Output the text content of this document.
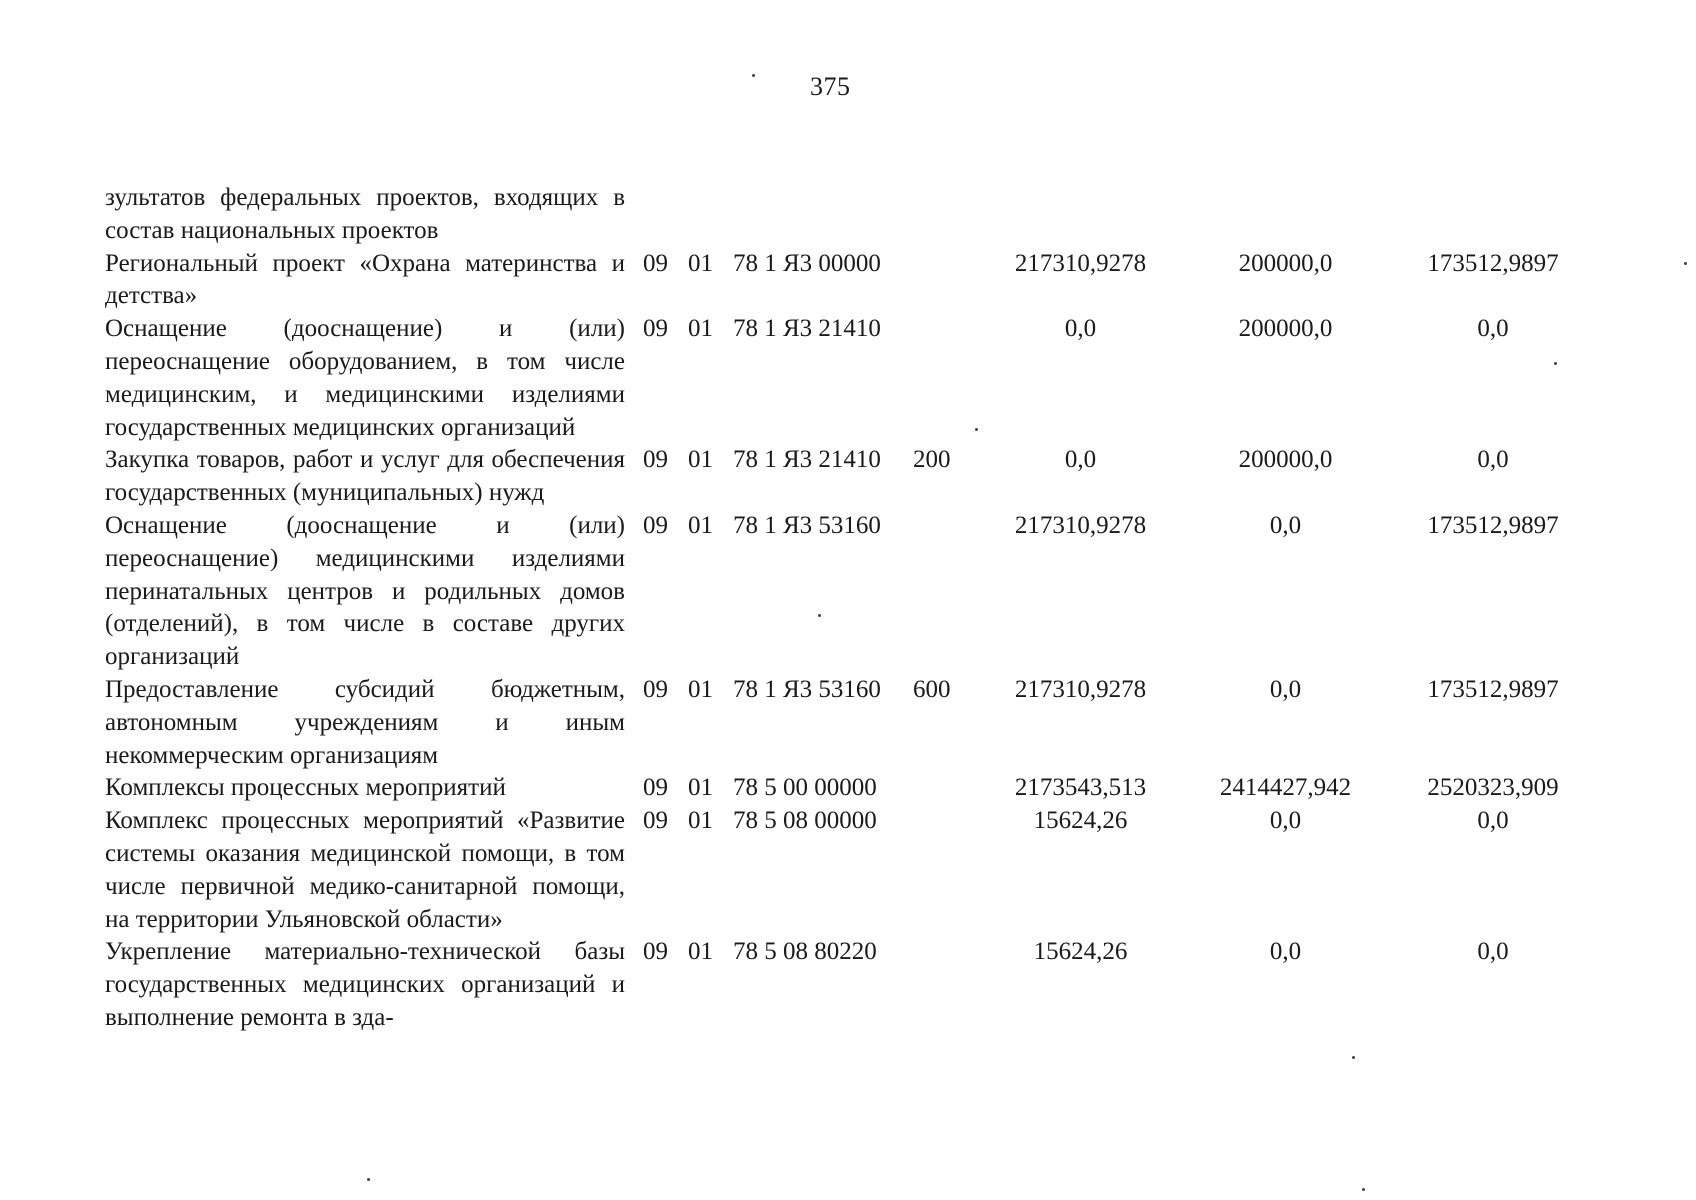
375
зультатов федеральных проектов, входящих в состав национальных проектов							
Региональный проект «Охрана материнства и детства»	09	01	78 1 Я3 00000		217310,9278	200000,0	173512,9897
Оснащение (дооснащение) и (или) переоснащение оборудованием, в том числе медицинским, и медицинскими изделиями государственных медицинских организаций	09	01	78 1 Я3 21410		0,0	200000,0	0,0
Закупка товаров, работ и услуг для обеспечения государственных (муниципальных) нужд	09	01	78 1 Я3 21410	200	0,0	200000,0	0,0
Оснащение (дооснащение и (или) переоснащение) медицинскими изделиями перинатальных центров и родильных домов (отделений), в том числе в составе других организаций	09	01	78 1 Я3 53160		217310,9278	0,0	173512,9897
Предоставление субсидий бюджетным, автономным учреждениям и иным некоммерческим организациям	09	01	78 1 Я3 53160	600	217310,9278	0,0	173512,9897
Комплексы процессных мероприятий	09	01	78 5 00 00000		2173543,513	2414427,942	2520323,909
Комплекс процессных мероприятий «Развитие системы оказания медицинской помощи, в том числе первичной медико-санитарной помощи, на территории Ульяновской области»	09	01	78 5 08 00000		15624,26	0,0	0,0
Укрепление материально-технической базы государственных медицинских организаций и выполнение ремонта в зда-	09	01	78 5 08 80220		15624,26	0,0	0,0
